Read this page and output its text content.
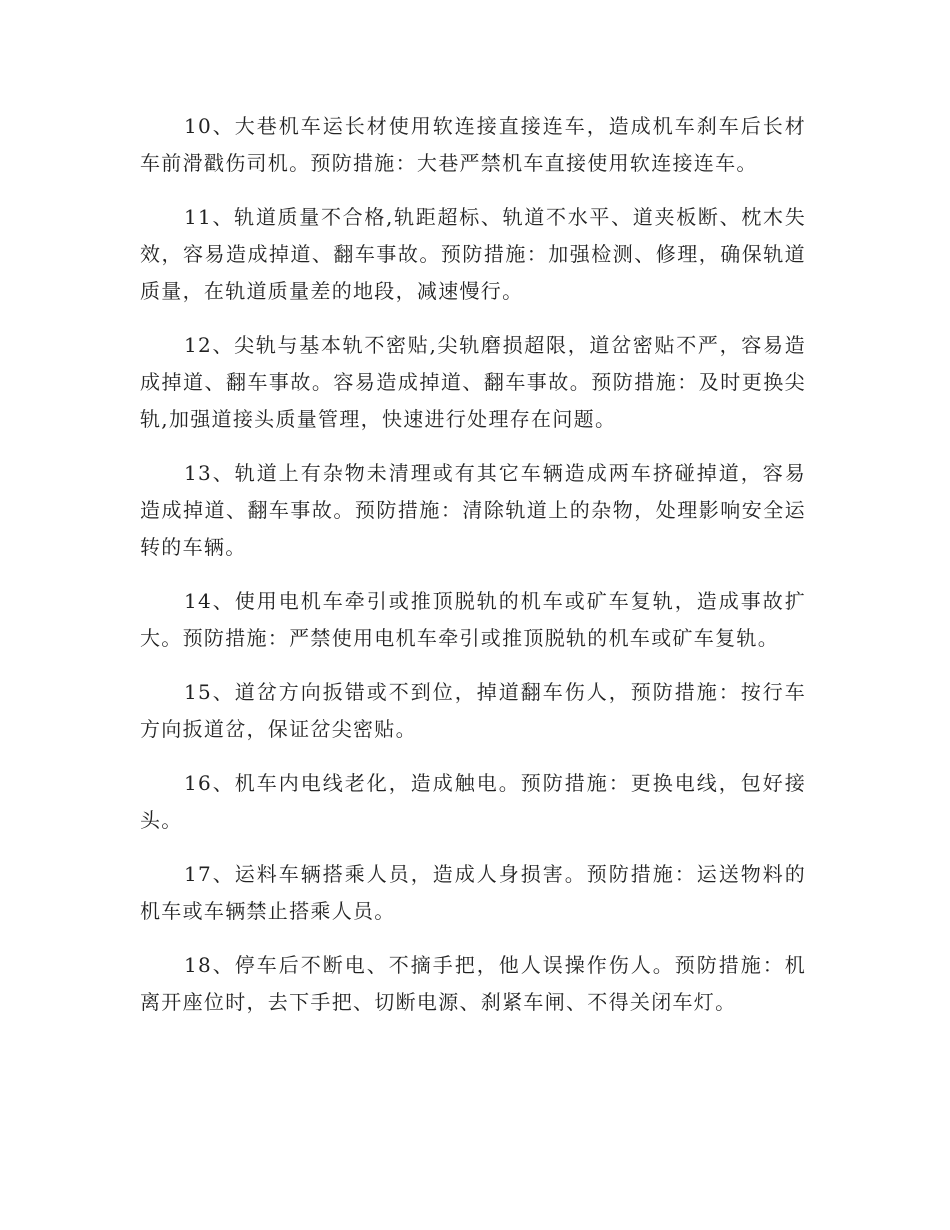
10、大巷机车运长材使用软连接直接连车，造成机车刹车后长材车前滑戳伤司机。预防措施：大巷严禁机车直接使用软连接连车。

11、轨道质量不合格,轨距超标、轨道不水平、道夹板断、枕木失效，容易造成掉道、翻车事故。预防措施：加强检测、修理，确保轨道质量，在轨道质量差的地段，减速慢行。

12、尖轨与基本轨不密贴,尖轨磨损超限，道岔密贴不严，容易造成掉道、翻车事故。容易造成掉道、翻车事故。预防措施：及时更换尖轨,加强道接头质量管理，快速进行处理存在问题。

13、轨道上有杂物未清理或有其它车辆造成两车挤碰掉道，容易造成掉道、翻车事故。预防措施：清除轨道上的杂物，处理影响安全运转的车辆。

14、使用电机车牵引或推顶脱轨的机车或矿车复轨，造成事故扩大。预防措施：严禁使用电机车牵引或推顶脱轨的机车或矿车复轨。

15、道岔方向扳错或不到位，掉道翻车伤人，预防措施：按行车方向扳道岔，保证岔尖密贴。

16、机车内电线老化，造成触电。预防措施：更换电线，包好接头。

17、运料车辆搭乘人员，造成人身损害。预防措施：运送物料的机车或车辆禁止搭乘人员。

18、停车后不断电、不摘手把，他人误操作伤人。预防措施：机离开座位时，去下手把、切断电源、刹紧车闸、不得关闭车灯。
